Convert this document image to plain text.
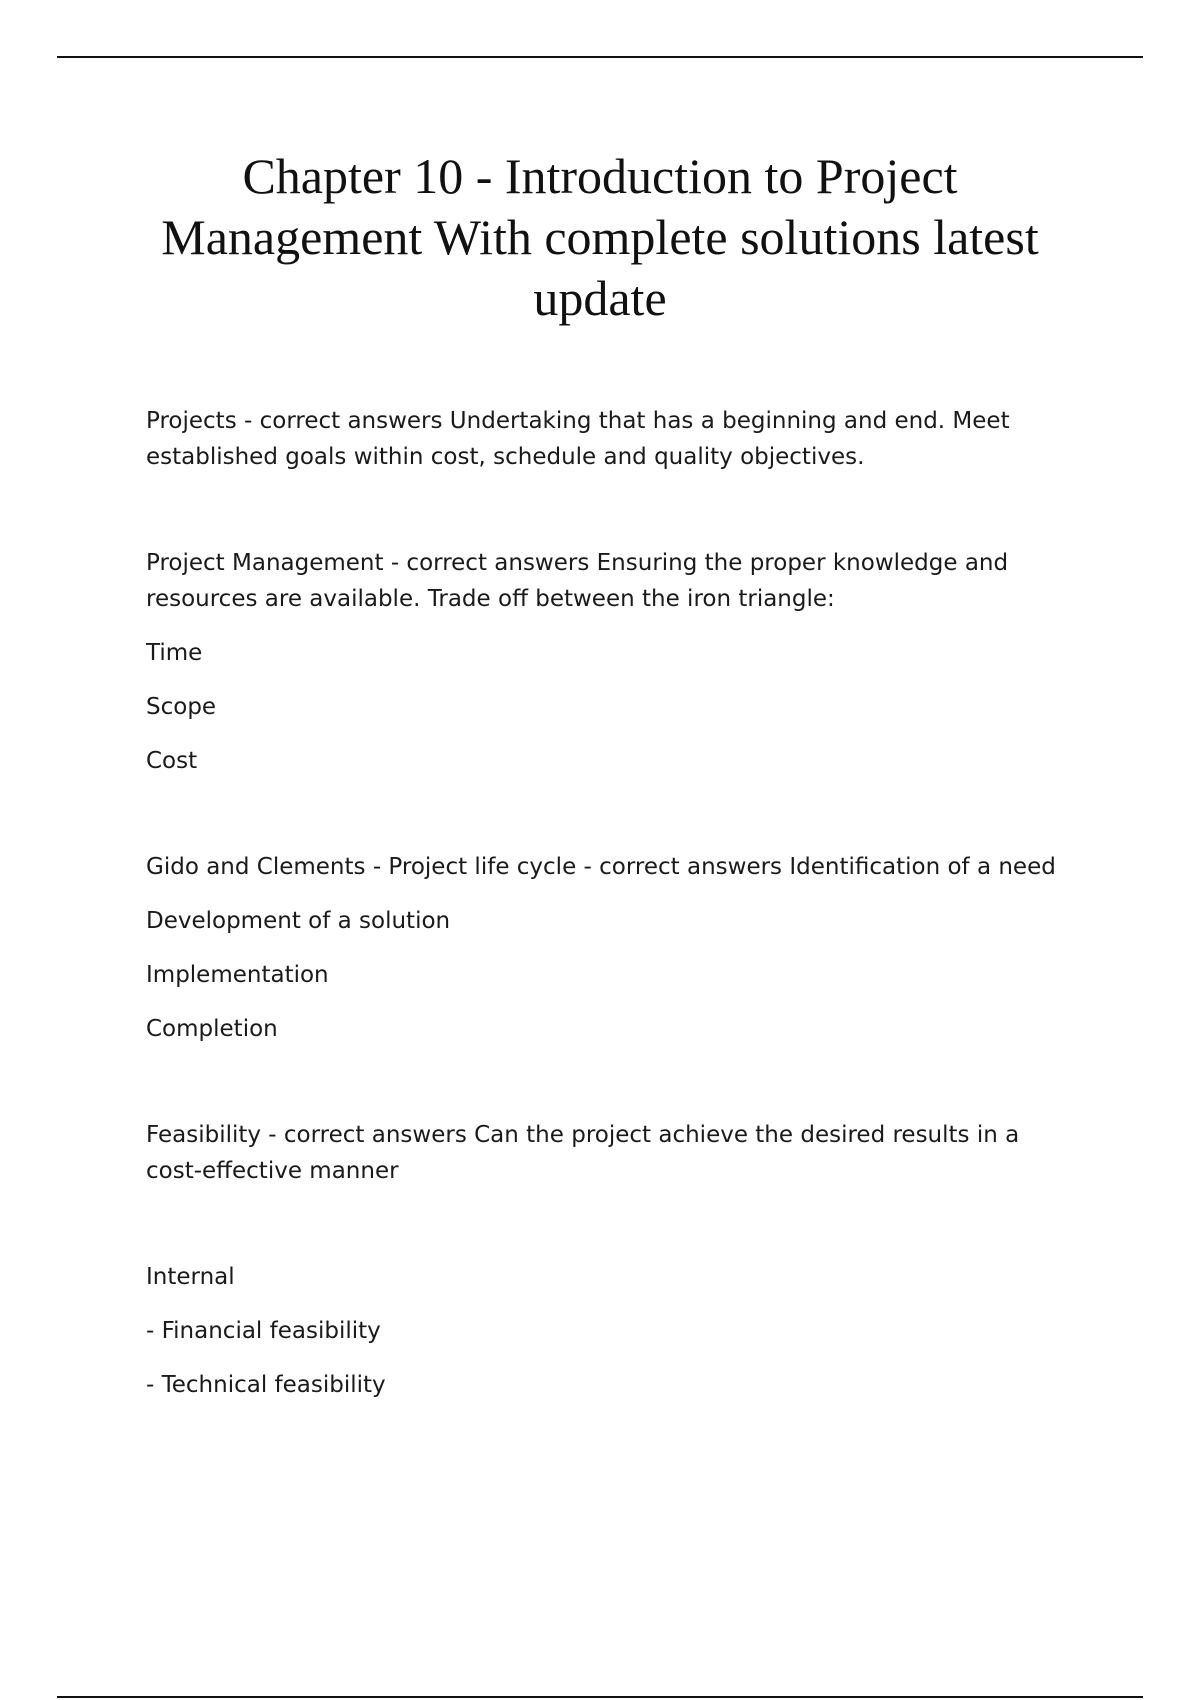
Chapter 10 - Introduction to Project Management With complete solutions latest update

Projects - correct answers Undertaking that has a beginning and end. Meet established goals within cost, schedule and quality objectives.

Project Management - correct answers Ensuring the proper knowledge and resources are available. Trade off between the iron triangle:

Time

Scope

Cost

Gido and Clements - Project life cycle - correct answers Identification of a need

Development of a solution

Implementation

Completion

Feasibility - correct answers Can the project achieve the desired results in a cost-effective manner

Internal

- Financial feasibility

- Technical feasibility
